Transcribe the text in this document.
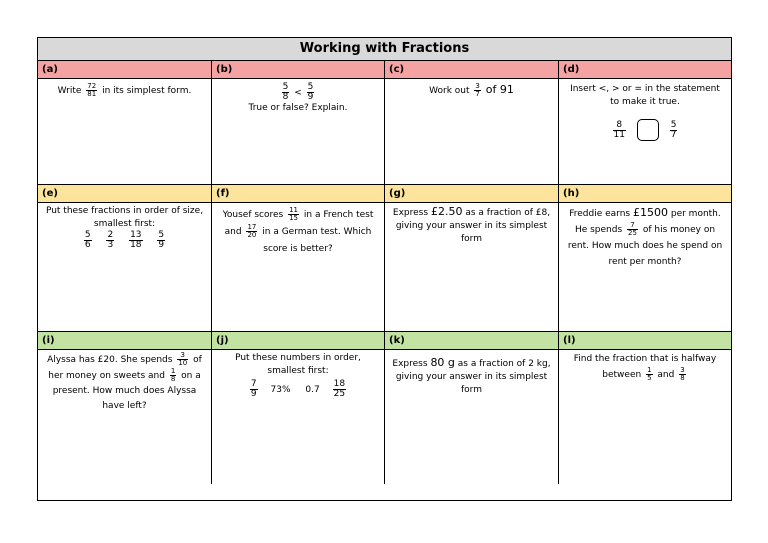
Working with Fractions
(a)
Write $\frac{72}{81}$ in its simplest form.
(b)
$\frac{5}{8} < \frac{5}{9}$
True or false? Explain.
(c)
Work out $\frac{3}{7}$ of 91
(d)
Insert <, > or = in the statement to make it true.
$\frac{8}{11}$
	$\frac{5}{7}$
(e)
Put these fractions in order of size, smallest first:
$\frac{5}{6}$
$\frac{2}{3}$
$\frac{13}{18}$
$\frac{5}{9}$
(f)
Yousef scores $\frac{11}{15}$ in a French test and $\frac{17}{20}$ in a German test. Which score is better?
(g)
Express £2.50 as a fraction of £8, giving your answer in its simplest form
(h)
Freddie earns £1500 per month. He spends $\frac{7}{25}$ of his money on rent. How much does he spend on rent per month?
(i)
Alyssa has £20. She spends $\frac{3}{10}$ of her money on sweets and $\frac{1}{8}$ on a present. How much does Alyssa have left?
(j)
Put these numbers in order, smallest first:
$\frac{7}{9} 73\%$ $0.7 \frac{18}{25}$
(k)
Express 80 g as a fraction of 2 kg, giving your answer in its simplest form
(l)
Find the fraction that is halfway between $\frac{1}{5}$ and $\frac{3}{8}$
